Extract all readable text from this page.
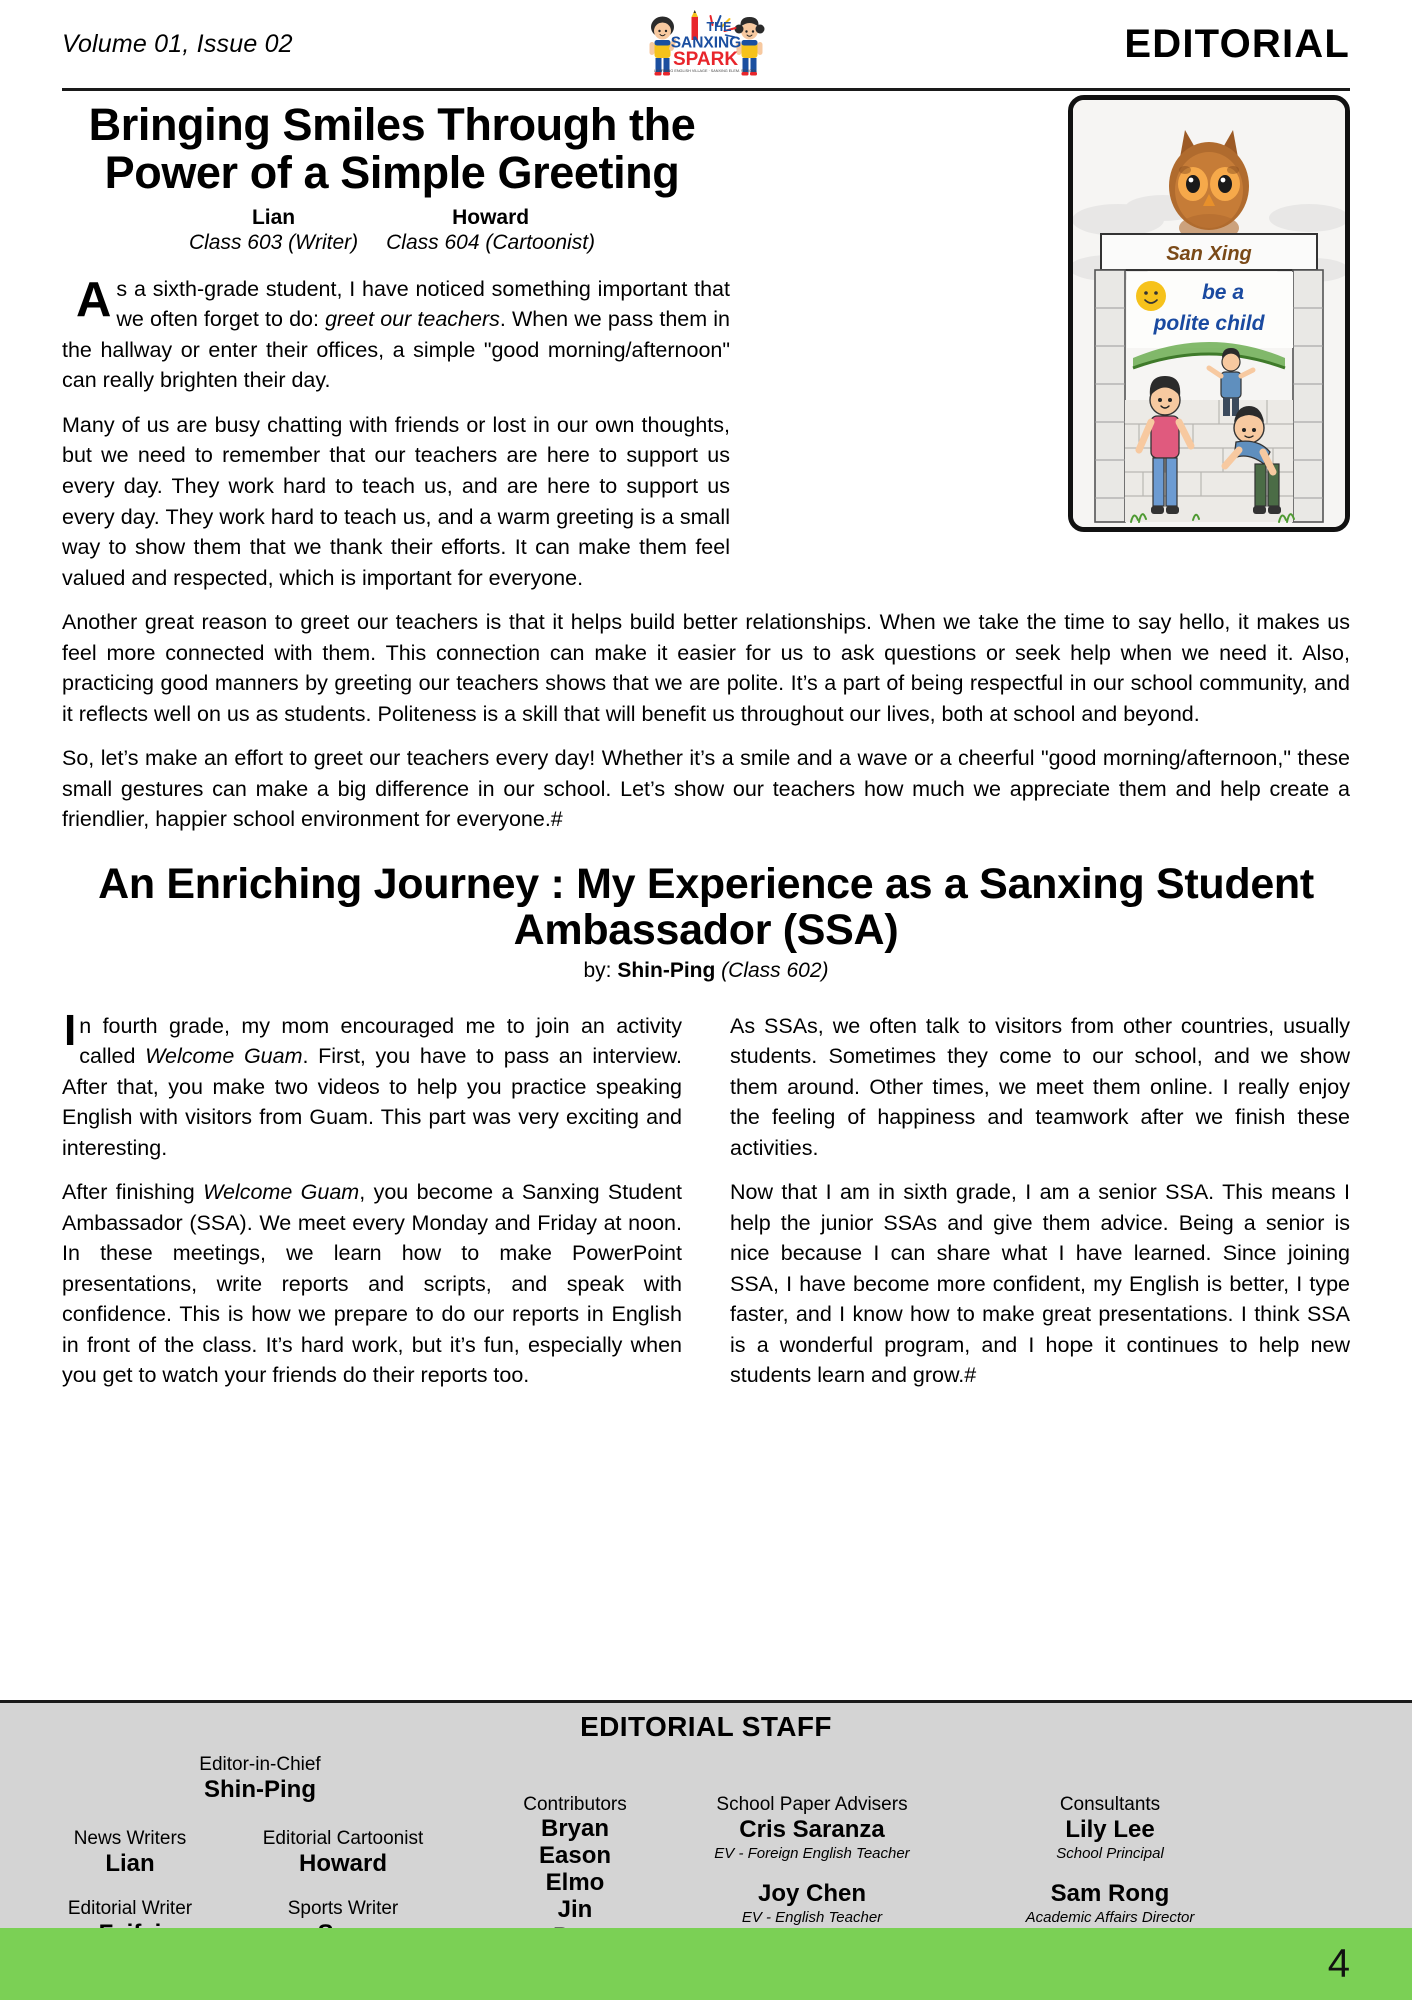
Volume 01, Issue 02
THE
SANXING
SPARK
LEARNING ENGLISH VILLAGE · SANXING ELEM. SCHOOL
EDITORIAL
San Xing
be a
polite child
Bringing Smiles Through the Power of a Simple Greeting
Lian
Class 603 (Writer)
Howard
Class 604 (Cartoonist)

As a sixth-grade student, I have noticed something important that we often forget to do: greet our teachers. When we pass them in the hallway or enter their offices, a simple "good morning/afternoon" can really brighten their day.

Many of us are busy chatting with friends or lost in our own thoughts, but we need to remember that our teachers are here to support us every day. They work hard to teach us, and are here to support us every day. They work hard to teach us, and a warm greeting is a small way to show them that we thank their efforts. It can make them feel valued and respected, which is important for everyone.

Another great reason to greet our teachers is that it helps build better relationships. When we take the time to say hello, it makes us feel more connected with them. This connection can make it easier for us to ask questions or seek help when we need it. Also, practicing good manners by greeting our teachers shows that we are polite. It’s a part of being respectful in our school community, and it reflects well on us as students. Politeness is a skill that will benefit us throughout our lives, both at school and beyond.

So, let’s make an effort to greet our teachers every day! Whether it’s a smile and a wave or a cheerful "good morning/afternoon," these small gestures can make a big difference in our school. Let’s show our teachers how much we appreciate them and help create a friendlier, happier school environment for everyone.#

An Enriching Journey : My Experience as a Sanxing Student Ambassador (SSA)
by: Shin-Ping (Class 602)

In fourth grade, my mom encouraged me to join an activity called Welcome Guam. First, you have to pass an interview. After that, you make two videos to help you practice speaking English with visitors from Guam. This part was very exciting and interesting.

After finishing Welcome Guam, you become a Sanxing Student Ambassador (SSA). We meet every Monday and Friday at noon. In these meetings, we learn how to make PowerPoint presentations, write reports and scripts, and speak with confidence. This is how we prepare to do our reports in English in front of the class. It’s hard work, but it’s fun, especially when you get to watch your friends do their reports too.

As SSAs, we often talk to visitors from other countries, usually students. Sometimes they come to our school, and we show them around. Other times, we meet them online. I really enjoy the feeling of happiness and teamwork after we finish these activities.

Now that I am in sixth grade, I am a senior SSA. This means I help the junior SSAs and give them advice. Being a senior is nice because I can share what I have learned. Since joining SSA, I have become more confident, my English is better, I type faster, and I know how to make great presentations. I think SSA is a wonderful program, and I hope it continues to help new students learn and grow.#

EDITORIAL STAFF
Editor-in-Chief
Shin-Ping
News Writers
Lian
Editorial Cartoonist
Howard
Editorial Writer	Sports Writer
Contributors
Bryan
Eason
Elmo
Jin
School Paper Advisers
Cris Saranza
EV - Foreign English Teacher
Joy Chen
EV - English Teacher
Consultants
Lily Lee
School Principal
Sam Rong
Academic Affairs Director
4
